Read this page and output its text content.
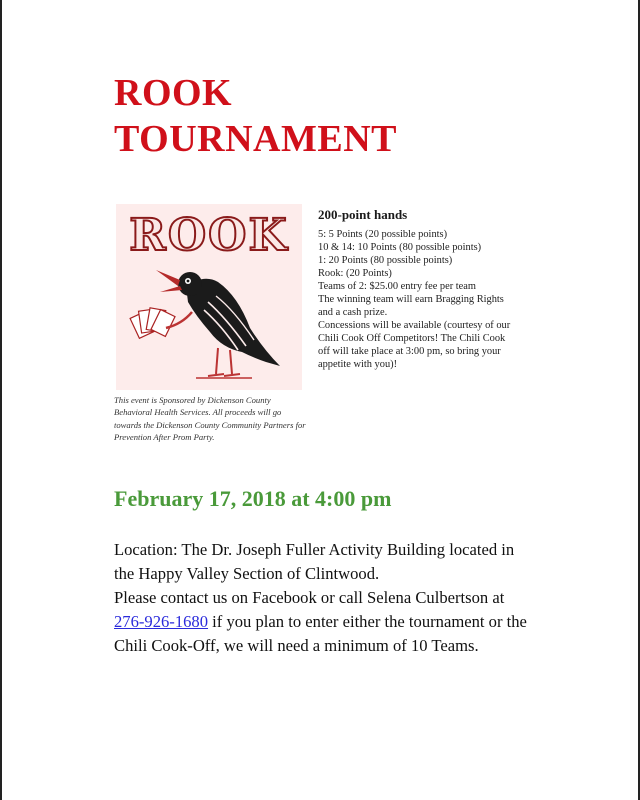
ROOK
TOURNAMENT
ROOK
This event is Sponsored by Dickenson County Behavioral Health Services. All proceeds will go towards the Dickenson County Community Partners for Prevention After Prom Party.
200-point hands
5: 5 Points (20 possible points)
10 & 14: 10 Points (80 possible points)
1: 20 Points (80 possible points)
Rook: (20 Points)
Teams of 2: $25.00 entry fee per team
The winning team will earn Bragging Rights and a cash prize.
Concessions will be available (courtesy of our Chili Cook Off Competitors! The Chili Cook off will take place at 3:00 pm, so bring your appetite with you)!
February 17, 2018 at 4:00 pm
Location: The Dr. Joseph Fuller Activity Building located in the Happy Valley Section of Clintwood.
Please contact us on Facebook or call Selena Culbertson at 276-926-1680 if you plan to enter either the tournament or the Chili Cook-Off, we will need a minimum of 10 Teams.
